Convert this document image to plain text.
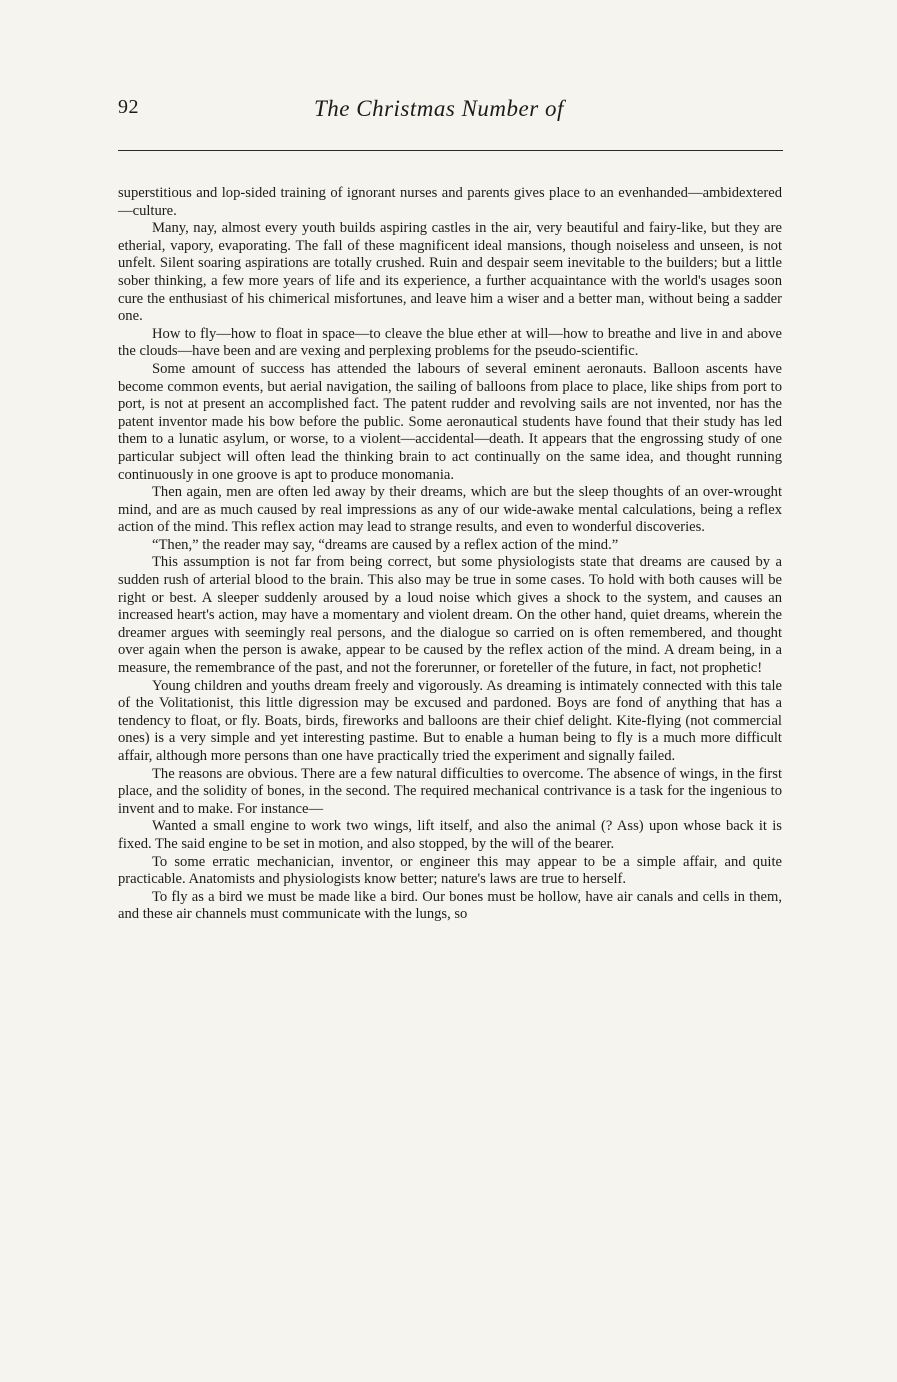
92	The Christmas Number of

superstitious and lop-sided training of ignorant nurses and parents gives place to an evenhanded—ambidextered—culture.

Many, nay, almost every youth builds aspiring castles in the air, very beautiful and fairy-like, but they are etherial, vapory, evaporating. The fall of these magnificent ideal mansions, though noiseless and unseen, is not unfelt. Silent soaring aspirations are totally crushed. Ruin and despair seem inevitable to the builders; but a little sober thinking, a few more years of life and its experience, a further acquaintance with the world's usages soon cure the enthusiast of his chimerical misfortunes, and leave him a wiser and a better man, without being a sadder one.

How to fly—how to float in space—to cleave the blue ether at will—how to breathe and live in and above the clouds—have been and are vexing and perplexing problems for the pseudo-scientific.

Some amount of success has attended the labours of several eminent aeronauts. Balloon ascents have become common events, but aerial navigation, the sailing of balloons from place to place, like ships from port to port, is not at present an accomplished fact. The patent rudder and revolving sails are not invented, nor has the patent inventor made his bow before the public. Some aeronautical students have found that their study has led them to a lunatic asylum, or worse, to a violent—accidental—death. It appears that the engrossing study of one particular subject will often lead the thinking brain to act continually on the same idea, and thought running continuously in one groove is apt to produce monomania.

Then again, men are often led away by their dreams, which are but the sleep thoughts of an over-wrought mind, and are as much caused by real impressions as any of our wide-awake mental calculations, being a reflex action of the mind. This reflex action may lead to strange results, and even to wonderful discoveries.

“Then,” the reader may say, “dreams are caused by a reflex action of the mind.”

This assumption is not far from being correct, but some physiologists state that dreams are caused by a sudden rush of arterial blood to the brain. This also may be true in some cases. To hold with both causes will be right or best. A sleeper suddenly aroused by a loud noise which gives a shock to the system, and causes an increased heart's action, may have a momentary and violent dream. On the other hand, quiet dreams, wherein the dreamer argues with seemingly real persons, and the dialogue so carried on is often remembered, and thought over again when the person is awake, appear to be caused by the reflex action of the mind. A dream being, in a measure, the remembrance of the past, and not the forerunner, or foreteller of the future, in fact, not prophetic!

Young children and youths dream freely and vigorously. As dreaming is intimately connected with this tale of the Volitationist, this little digression may be excused and pardoned. Boys are fond of anything that has a tendency to float, or fly. Boats, birds, fireworks and balloons are their chief delight. Kite-flying (not commercial ones) is a very simple and yet interesting pastime. But to enable a human being to fly is a much more difficult affair, although more persons than one have practically tried the experiment and signally failed.

The reasons are obvious. There are a few natural difficulties to overcome. The absence of wings, in the first place, and the solidity of bones, in the second. The required mechanical contrivance is a task for the ingenious to invent and to make. For instance—

Wanted a small engine to work two wings, lift itself, and also the animal (? Ass) upon whose back it is fixed. The said engine to be set in motion, and also stopped, by the will of the bearer.

To some erratic mechanician, inventor, or engineer this may appear to be a simple affair, and quite practicable. Anatomists and physiologists know better; nature's laws are true to herself.

To fly as a bird we must be made like a bird. Our bones must be hollow, have air canals and cells in them, and these air channels must communicate with the lungs, so
